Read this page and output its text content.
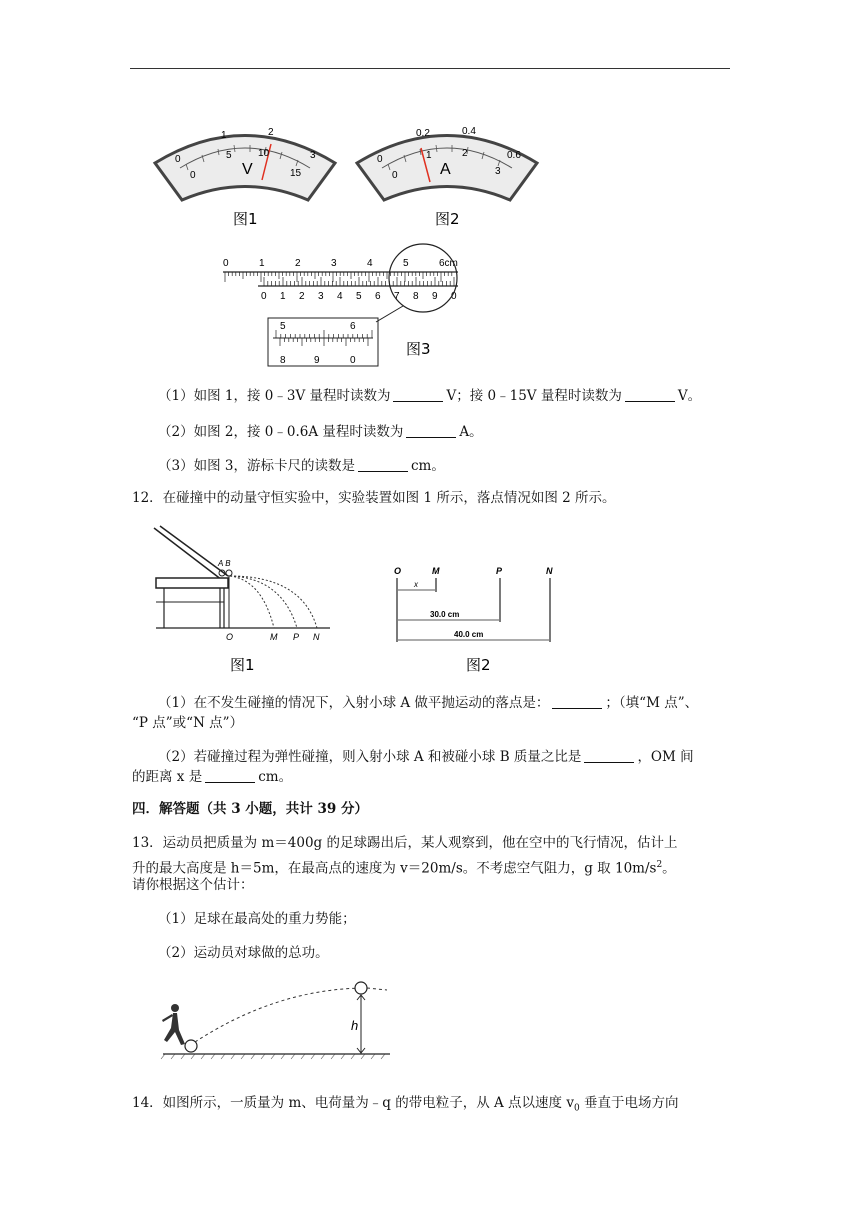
0
1	2
3
0
5	10
15
V
图1
0
0.2	0.4
0.6
0
1	2
3
A
图2
0	1	2	3	4	5	6cm
0 1 2 3 4 5 6 7 8 9 0
5	6
8	9	0
图3
（1）如图 1，接 0﹣3V 量程时读数为	V；接 0﹣15V 量程时读数为	V。
（2）如图 2，接 0﹣0.6A 量程时读数为	A。
（3）如图 3，游标卡尺的读数是	cm。
12．在碰撞中的动量守恒实验中，实验装置如图 1 所示，落点情况如图 2 所示。
A B
O	M P N
图1
O	M	P	N
x
30.0 cm
40.0 cm
图2
（1）在不发生碰撞的情况下，入射小球 A 做平抛运动的落点是：	；（填“M 点”、
“P 点”或“N 点”）
（2）若碰撞过程为弹性碰撞，则入射小球 A 和被碰小球 B 质量之比是	，OM 间
的距离 x 是	cm。
四．解答题（共 3 小题，共计 39 分）
13．运动员把质量为 m＝400g 的足球踢出后，某人观察到，他在空中的飞行情况，估计上
升的最大高度是 h＝5m，在最高点的速度为 v＝20m/s。不考虑空气阻力，g 取 $10m/s^2$。
请你根据这个估计：
（1）足球在最高处的重力势能；
（2）运动员对球做的总功。
h
14．如图所示，一质量为 m、电荷量为﹣q 的带电粒子，从 A 点以速度 $v_0$ 垂直于电场方向
